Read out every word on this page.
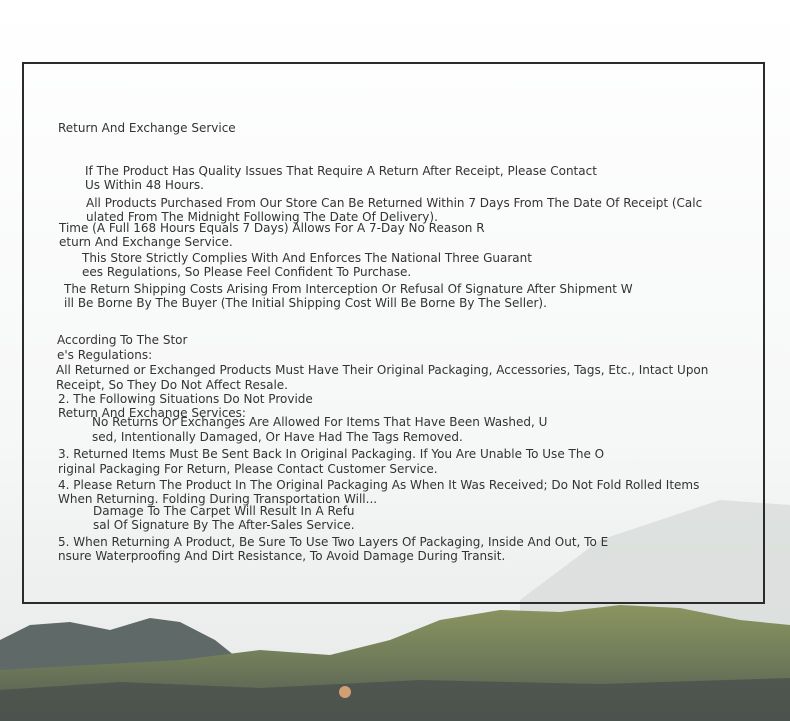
Return And Exchange Service
If The Product Has Quality Issues That Require A Return After Receipt, Please Contact
Us Within 48 Hours.
All Products Purchased From Our Store Can Be Returned Within 7 Days From The Date Of Receipt (Calc
ulated From The Midnight Following The Date Of Delivery).
Time (A Full 168 Hours Equals 7 Days) Allows For A 7-Day No Reason R
eturn And Exchange Service.
This Store Strictly Complies With And Enforces The National Three Guarant
ees Regulations, So Please Feel Confident To Purchase.
The Return Shipping Costs Arising From Interception Or Refusal Of Signature After Shipment W
ill Be Borne By The Buyer (The Initial Shipping Cost Will Be Borne By The Seller).
According To The Stor
e's Regulations:
All Returned or Exchanged Products Must Have Their Original Packaging, Accessories, Tags, Etc., Intact Upon
Receipt, So They Do Not Affect Resale.
2. The Following Situations Do Not Provide
Return And Exchange Services:
No Returns Or Exchanges Are Allowed For Items That Have Been Washed, U
sed, Intentionally Damaged, Or Have Had The Tags Removed.
3. Returned Items Must Be Sent Back In Original Packaging. If You Are Unable To Use The O
riginal Packaging For Return, Please Contact Customer Service.
4. Please Return The Product In The Original Packaging As When It Was Received; Do Not Fold Rolled Items
When Returning. Folding During Transportation Will...
Damage To The Carpet Will Result In A Refu
sal Of Signature By The After-Sales Service.
5. When Returning A Product, Be Sure To Use Two Layers Of Packaging, Inside And Out, To E
nsure Waterproofing And Dirt Resistance, To Avoid Damage During Transit.
